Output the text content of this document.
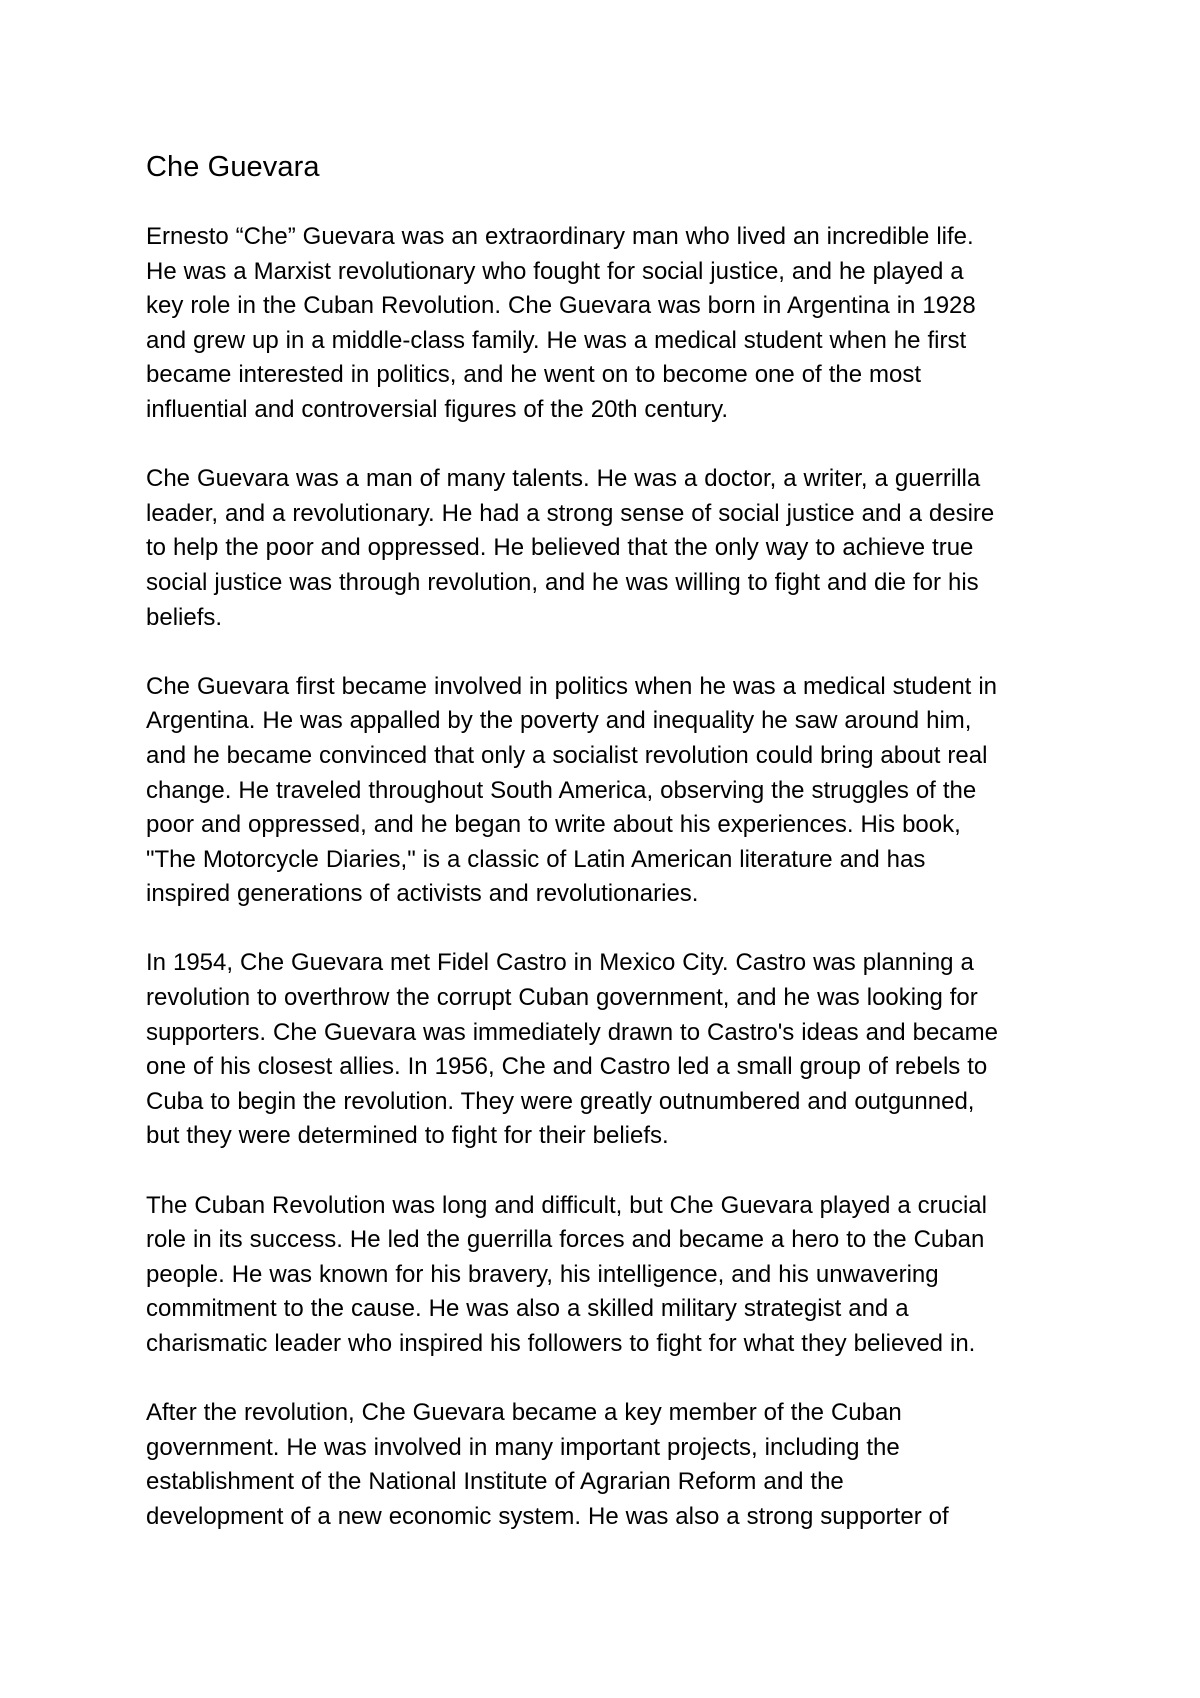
Che Guevara
Ernesto “Che” Guevara was an extraordinary man who lived an incredible life.
He was a Marxist revolutionary who fought for social justice, and he played a
key role in the Cuban Revolution. Che Guevara was born in Argentina in 1928
and grew up in a middle-class family. He was a medical student when he first
became interested in politics, and he went on to become one of the most
influential and controversial figures of the 20th century.
Che Guevara was a man of many talents. He was a doctor, a writer, a guerrilla
leader, and a revolutionary. He had a strong sense of social justice and a desire
to help the poor and oppressed. He believed that the only way to achieve true
social justice was through revolution, and he was willing to fight and die for his
beliefs.
Che Guevara first became involved in politics when he was a medical student in
Argentina. He was appalled by the poverty and inequality he saw around him,
and he became convinced that only a socialist revolution could bring about real
change. He traveled throughout South America, observing the struggles of the
poor and oppressed, and he began to write about his experiences. His book,
"The Motorcycle Diaries," is a classic of Latin American literature and has
inspired generations of activists and revolutionaries.
In 1954, Che Guevara met Fidel Castro in Mexico City. Castro was planning a
revolution to overthrow the corrupt Cuban government, and he was looking for
supporters. Che Guevara was immediately drawn to Castro's ideas and became
one of his closest allies. In 1956, Che and Castro led a small group of rebels to
Cuba to begin the revolution. They were greatly outnumbered and outgunned,
but they were determined to fight for their beliefs.
The Cuban Revolution was long and difficult, but Che Guevara played a crucial
role in its success. He led the guerrilla forces and became a hero to the Cuban
people. He was known for his bravery, his intelligence, and his unwavering
commitment to the cause. He was also a skilled military strategist and a
charismatic leader who inspired his followers to fight for what they believed in.
After the revolution, Che Guevara became a key member of the Cuban
government. He was involved in many important projects, including the
establishment of the National Institute of Agrarian Reform and the
development of a new economic system. He was also a strong supporter of
